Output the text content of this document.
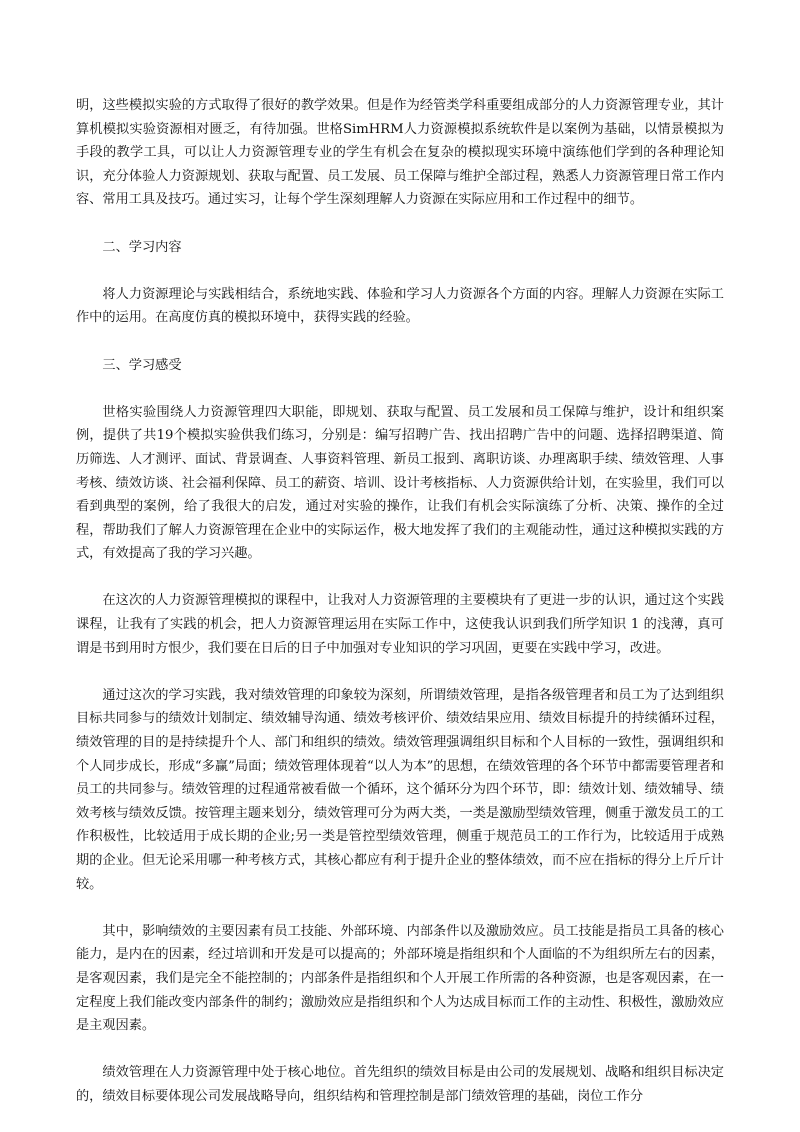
明，这些模拟实验的方式取得了很好的教学效果。但是作为经管类学科重要组成部分的人力资源管理专业，其计算机模拟实验资源相对匮乏，有待加强。世格SimHRM人力资源模拟系统软件是以案例为基础，以情景模拟为手段的教学工具，可以让人力资源管理专业的学生有机会在复杂的模拟现实环境中演练他们学到的各种理论知识，充分体验人力资源规划、获取与配置、员工发展、员工保障与维护全部过程，熟悉人力资源管理日常工作内容、常用工具及技巧。通过实习，让每个学生深刻理解人力资源在实际应用和工作过程中的细节。

二、学习内容

将人力资源理论与实践相结合，系统地实践、体验和学习人力资源各个方面的内容。理解人力资源在实际工作中的运用。在高度仿真的模拟环境中，获得实践的经验。

三、学习感受

世格实验围绕人力资源管理四大职能，即规划、获取与配置、员工发展和员工保障与维护，设计和组织案例，提供了共19个模拟实验供我们练习，分别是：编写招聘广告、找出招聘广告中的问题、选择招聘渠道、简历筛选、人才测评、面试、背景调查、人事资料管理、新员工报到、离职访谈、办理离职手续、绩效管理、人事考核、绩效访谈、社会福利保障、员工的薪资、培训、设计考核指标、人力资源供给计划，在实验里，我们可以看到典型的案例，给了我很大的启发，通过对实验的操作，让我们有机会实际演练了分析、决策、操作的全过程，帮助我们了解人力资源管理在企业中的实际运作，极大地发挥了我们的主观能动性，通过这种模拟实践的方式，有效提高了我的学习兴趣。

在这次的人力资源管理模拟的课程中，让我对人力资源管理的主要模块有了更进一步的认识，通过这个实践课程，让我有了实践的机会，把人力资源管理运用在实际工作中，这使我认识到我们所学知识 1 的浅薄，真可谓是书到用时方恨少，我们要在日后的日子中加强对专业知识的学习巩固，更要在实践中学习，改进。

通过这次的学习实践，我对绩效管理的印象较为深刻，所谓绩效管理，是指各级管理者和员工为了达到组织目标共同参与的绩效计划制定、绩效辅导沟通、绩效考核评价、绩效结果应用、绩效目标提升的持续循环过程，绩效管理的目的是持续提升个人、部门和组织的绩效。绩效管理强调组织目标和个人目标的一致性，强调组织和个人同步成长，形成“多赢”局面；绩效管理体现着“以人为本”的思想，在绩效管理的各个环节中都需要管理者和员工的共同参与。绩效管理的过程通常被看做一个循环，这个循环分为四个环节，即：绩效计划、绩效辅导、绩效考核与绩效反馈。按管理主题来划分，绩效管理可分为两大类，一类是激励型绩效管理，侧重于激发员工的工作积极性，比较适用于成长期的企业;另一类是管控型绩效管理，侧重于规范员工的工作行为，比较适用于成熟期的企业。但无论采用哪一种考核方式，其核心都应有利于提升企业的整体绩效，而不应在指标的得分上斤斤计较。

其中，影响绩效的主要因素有员工技能、外部环境、内部条件以及激励效应。员工技能是指员工具备的核心能力，是内在的因素，经过培训和开发是可以提高的；外部环境是指组织和个人面临的不为组织所左右的因素，是客观因素，我们是完全不能控制的；内部条件是指组织和个人开展工作所需的各种资源，也是客观因素，在一定程度上我们能改变内部条件的制约；激励效应是指组织和个人为达成目标而工作的主动性、积极性，激励效应是主观因素。

绩效管理在人力资源管理中处于核心地位。首先组织的绩效目标是由公司的发展规划、战略和组织目标决定的，绩效目标要体现公司发展战略导向，组织结构和管理控制是部门绩效管理的基础，岗位工作分
